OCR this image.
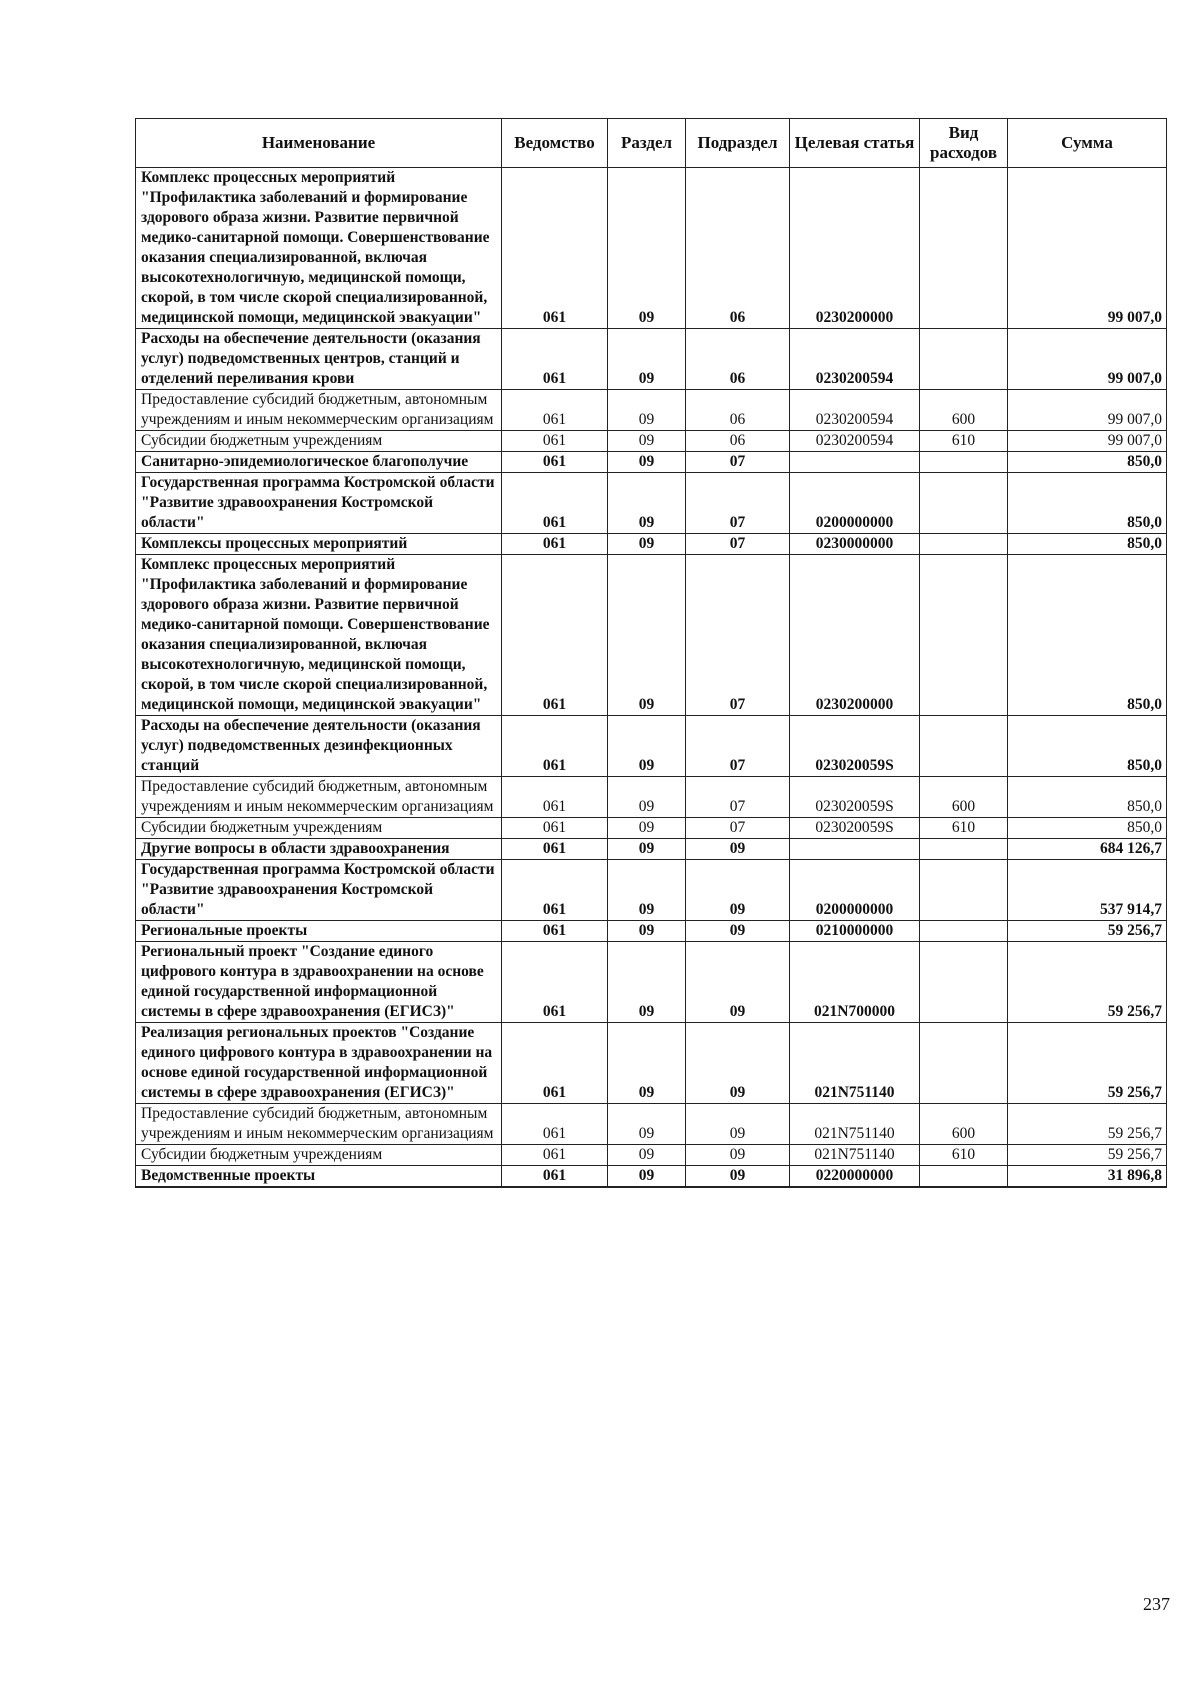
Наименование	Ведомство	Раздел	Подраздел	Целевая статья	Вид расходов	Сумма
Комплекс процессных мероприятий "Профилактика заболеваний и формирование здорового образа жизни. Развитие первичной медико-санитарной помощи. Совершенствование оказания специализированной, включая высокотехнологичную, медицинской помощи, скорой, в том числе скорой специализированной, медицинской помощи, медицинской эвакуации"	061	09	06	0230200000		99 007,0
Расходы на обеспечение деятельности (оказания услуг) подведомственных центров, станций и отделений переливания крови	061	09	06	0230200594		99 007,0
Предоставление субсидий бюджетным, автономным учреждениям и иным некоммерческим организациям	061	09	06	0230200594	600	99 007,0
Субсидии бюджетным учреждениям	061	09	06	0230200594	610	99 007,0
Санитарно-эпидемиологическое благополучие	061	09	07			850,0
Государственная программа Костромской области "Развитие здравоохранения Костромской области"	061	09	07	0200000000		850,0
Комплексы процессных мероприятий	061	09	07	0230000000		850,0
Комплекс процессных мероприятий "Профилактика заболеваний и формирование здорового образа жизни. Развитие первичной медико-санитарной помощи. Совершенствование оказания специализированной, включая высокотехнологичную, медицинской помощи, скорой, в том числе скорой специализированной, медицинской помощи, медицинской эвакуации"	061	09	07	0230200000		850,0
Расходы на обеспечение деятельности (оказания услуг) подведомственных дезинфекционных станций	061	09	07	023020059S		850,0
Предоставление субсидий бюджетным, автономным учреждениям и иным некоммерческим организациям	061	09	07	023020059S	600	850,0
Субсидии бюджетным учреждениям	061	09	07	023020059S	610	850,0
Другие вопросы в области здравоохранения	061	09	09			684 126,7
Государственная программа Костромской области "Развитие здравоохранения Костромской области"	061	09	09	0200000000		537 914,7
Региональные проекты	061	09	09	0210000000		59 256,7
Региональный проект "Создание единого цифрового контура в здравоохранении на основе единой государственной информационной системы в сфере здравоохранения (ЕГИСЗ)"	061	09	09	021N700000		59 256,7
Реализация региональных проектов "Создание единого цифрового контура в здравоохранении на основе единой государственной информационной системы в сфере здравоохранения (ЕГИСЗ)"	061	09	09	021N751140		59 256,7
Предоставление субсидий бюджетным, автономным учреждениям и иным некоммерческим организациям	061	09	09	021N751140	600	59 256,7
Субсидии бюджетным учреждениям	061	09	09	021N751140	610	59 256,7
Ведомственные проекты	061	09	09	0220000000		31 896,8
237
